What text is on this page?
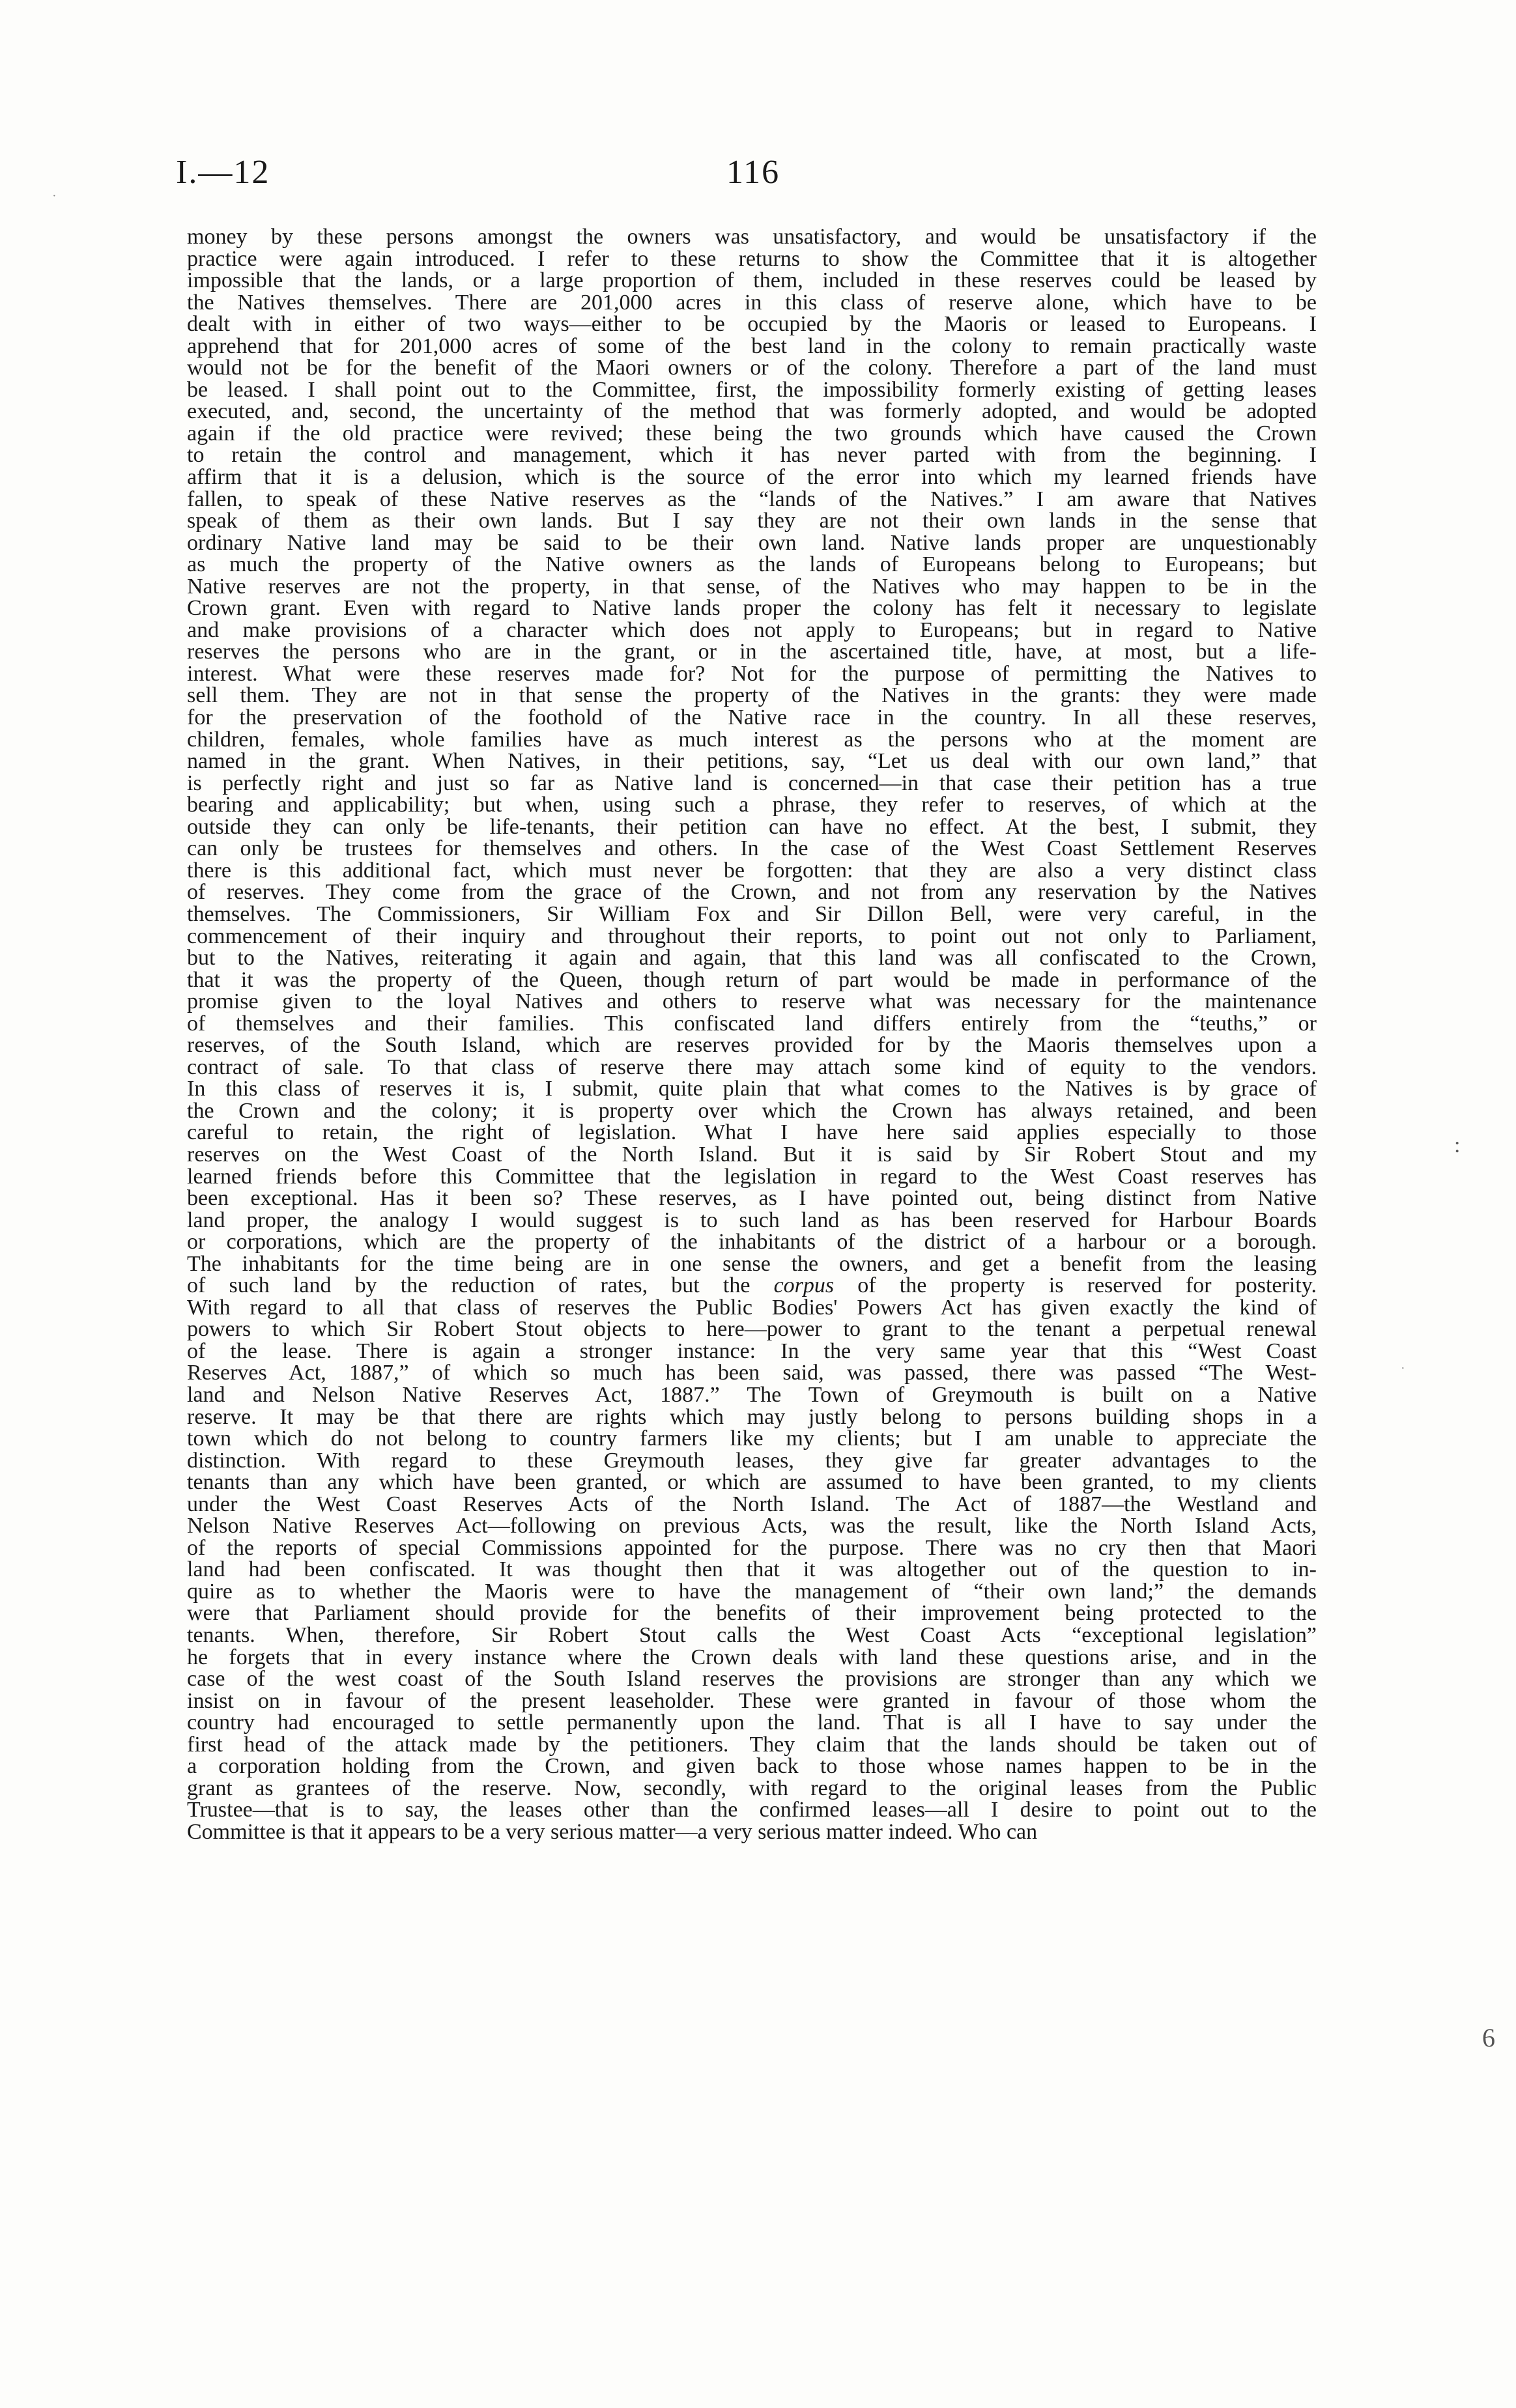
I.—12	116
·
:
·
6
money by these persons amongst the owners was unsatisfactory, and would be unsatisfactory if the
practice were again introduced. I refer to these returns to show the Committee that it is altogether
impossible that the lands, or a large proportion of them, included in these reserves could be leased by
the Natives themselves. There are 201,000 acres in this class of reserve alone, which have to be
dealt with in either of two ways—either to be occupied by the Maoris or leased to Europeans. I
apprehend that for 201,000 acres of some of the best land in the colony to remain practically waste
would not be for the benefit of the Maori owners or of the colony. Therefore a part of the land must
be leased. I shall point out to the Committee, first, the impossibility formerly existing of getting leases
executed, and, second, the uncertainty of the method that was formerly adopted, and would be adopted
again if the old practice were revived; these being the two grounds which have caused the Crown
to retain the control and management, which it has never parted with from the beginning. I
affirm that it is a delusion, which is the source of the error into which my learned friends have
fallen, to speak of these Native reserves as the “lands of the Natives.” I am aware that Natives
speak of them as their own lands. But I say they are not their own lands in the sense that
ordinary Native land may be said to be their own land. Native lands proper are unquestionably
as much the property of the Native owners as the lands of Europeans belong to Europeans; but
Native reserves are not the property, in that sense, of the Natives who may happen to be in the
Crown grant. Even with regard to Native lands proper the colony has felt it necessary to legislate
and make provisions of a character which does not apply to Europeans; but in regard to Native
reserves the persons who are in the grant, or in the ascertained title, have, at most, but a life-
interest. What were these reserves made for? Not for the purpose of permitting the Natives to
sell them. They are not in that sense the property of the Natives in the grants: they were made
for the preservation of the foothold of the Native race in the country. In all these reserves,
children, females, whole families have as much interest as the persons who at the moment are
named in the grant. When Natives, in their petitions, say, “Let us deal with our own land,” that
is perfectly right and just so far as Native land is concerned—in that case their petition has a true
bearing and applicability; but when, using such a phrase, they refer to reserves, of which at the
outside they can only be life-tenants, their petition can have no effect. At the best, I submit, they
can only be trustees for themselves and others. In the case of the West Coast Settlement Reserves
there is this additional fact, which must never be forgotten: that they are also a very distinct class
of reserves. They come from the grace of the Crown, and not from any reservation by the Natives
themselves. The Commissioners, Sir William Fox and Sir Dillon Bell, were very careful, in the
commencement of their inquiry and throughout their reports, to point out not only to Parliament,
but to the Natives, reiterating it again and again, that this land was all confiscated to the Crown,
that it was the property of the Queen, though return of part would be made in performance of the
promise given to the loyal Natives and others to reserve what was necessary for the maintenance
of themselves and their families. This confiscated land differs entirely from the “teuths,” or
reserves, of the South Island, which are reserves provided for by the Maoris themselves upon a
contract of sale. To that class of reserve there may attach some kind of equity to the vendors.
In this class of reserves it is, I submit, quite plain that what comes to the Natives is by grace of
the Crown and the colony; it is property over which the Crown has always retained, and been
careful to retain, the right of legislation. What I have here said applies especially to those
reserves on the West Coast of the North Island. But it is said by Sir Robert Stout and my
learned friends before this Committee that the legislation in regard to the West Coast reserves has
been exceptional. Has it been so? These reserves, as I have pointed out, being distinct from Native
land proper, the analogy I would suggest is to such land as has been reserved for Harbour Boards
or corporations, which are the property of the inhabitants of the district of a harbour or a borough.
The inhabitants for the time being are in one sense the owners, and get a benefit from the leasing
of such land by the reduction of rates, but the corpus of the property is reserved for posterity.
With regard to all that class of reserves the Public Bodies' Powers Act has given exactly the kind of
powers to which Sir Robert Stout objects to here—power to grant to the tenant a perpetual renewal
of the lease. There is again a stronger instance: In the very same year that this “West Coast
Reserves Act, 1887,” of which so much has been said, was passed, there was passed “The West-
land and Nelson Native Reserves Act, 1887.” The Town of Greymouth is built on a Native
reserve. It may be that there are rights which may justly belong to persons building shops in a
town which do not belong to country farmers like my clients; but I am unable to appreciate the
distinction. With regard to these Greymouth leases, they give far greater advantages to the
tenants than any which have been granted, or which are assumed to have been granted, to my clients
under the West Coast Reserves Acts of the North Island. The Act of 1887—the Westland and
Nelson Native Reserves Act—following on previous Acts, was the result, like the North Island Acts,
of the reports of special Commissions appointed for the purpose. There was no cry then that Maori
land had been confiscated. It was thought then that it was altogether out of the question to in-
quire as to whether the Maoris were to have the management of “their own land;” the demands
were that Parliament should provide for the benefits of their improvement being protected to the
tenants. When, therefore, Sir Robert Stout calls the West Coast Acts “exceptional legislation”
he forgets that in every instance where the Crown deals with land these questions arise, and in the
case of the west coast of the South Island reserves the provisions are stronger than any which we
insist on in favour of the present leaseholder. These were granted in favour of those whom the
country had encouraged to settle permanently upon the land. That is all I have to say under the
first head of the attack made by the petitioners. They claim that the lands should be taken out of
a corporation holding from the Crown, and given back to those whose names happen to be in the
grant as grantees of the reserve. Now, secondly, with regard to the original leases from the Public
Trustee—that is to say, the leases other than the confirmed leases—all I desire to point out to the
Committee is that it appears to be a very serious matter—a very serious matter indeed. Who can
